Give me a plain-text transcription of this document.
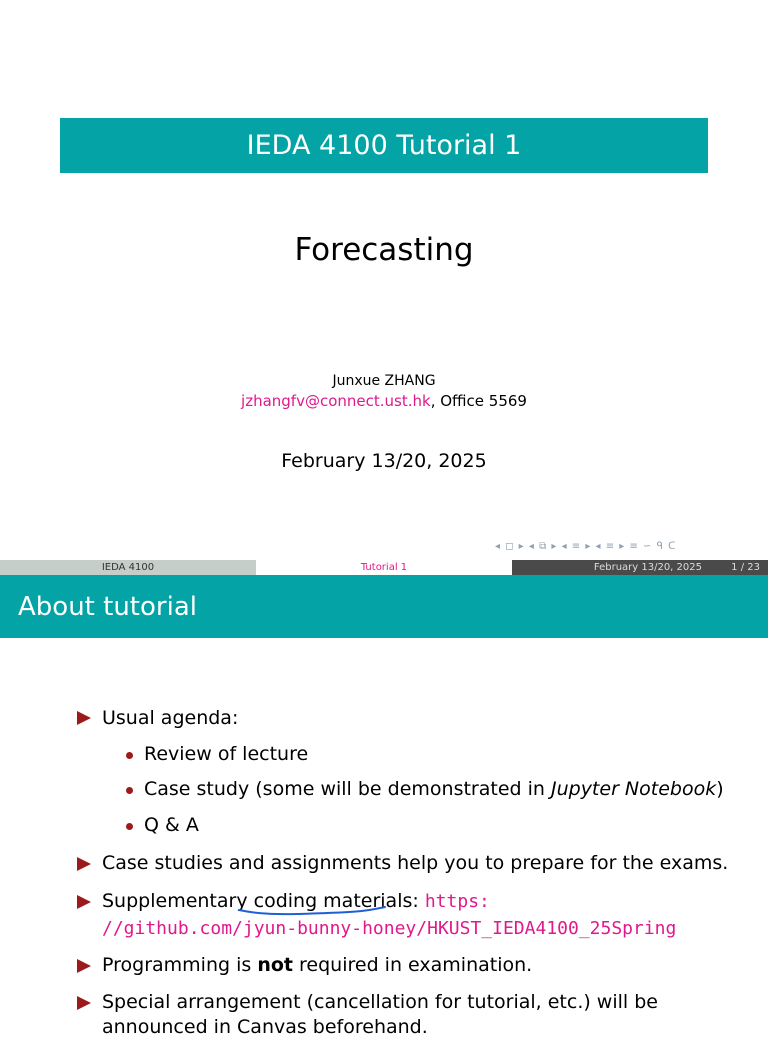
IEDA 4100 Tutorial 1
Forecasting
Junxue ZHANG
jzhangfv@connect.ust.hk, Office 5569
February 13/20, 2025
◂ ◻ ▸ ◂ ⧉ ▸ ◂ ≡ ▸ ◂ ≡ ▸ ≡ ∽ ᑫ ᑕ
IEDA 4100	Tutorial 1	February 13/20, 2025	1 / 23
About tutorial
Usual agenda:
Review of lecture
Case study (some will be demonstrated in Jupyter Notebook)
Q & A
Case studies and assignments help you to prepare for the exams.
Supplementary coding materials: https:
//github.com/jyun-bunny-honey/HKUST_IEDA4100_25Spring
Programming is not required in examination.
Special arrangement (cancellation for tutorial, etc.) will be
announced in Canvas beforehand.
